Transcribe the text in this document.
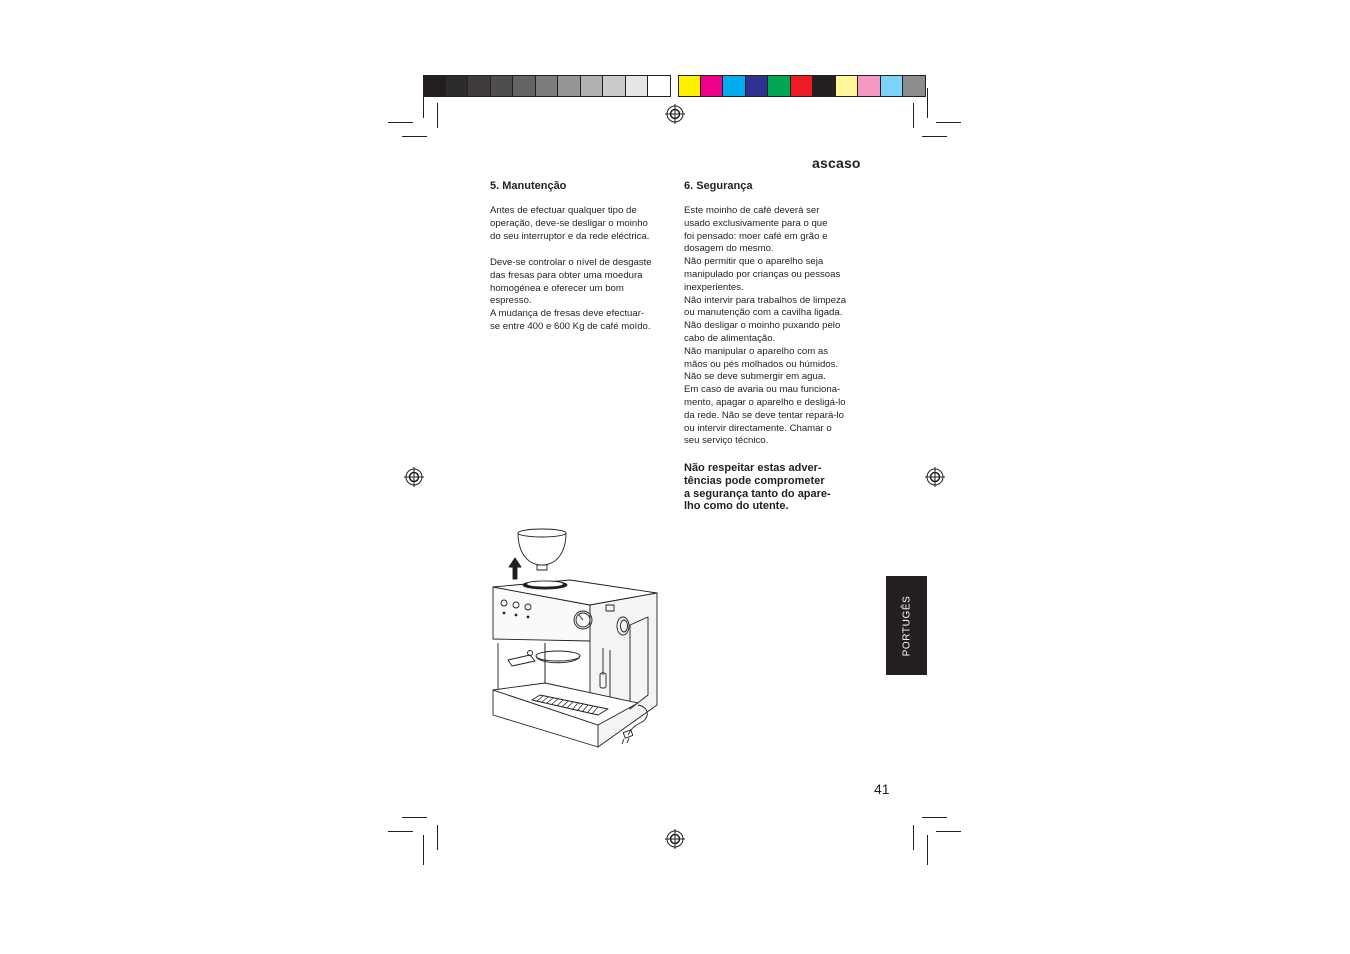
ascaso
5. Manutenção
Antes de efectuar qualquer tipo de
operação, deve-se desligar o moinho
do seu interruptor e da rede eléctrica.
Deve-se controlar o nível de desgaste
das fresas para obter uma moedura
homogénea e oferecer um bom
espresso.
A mudança de fresas deve efectuar-
se entre 400 e 600 Kg de café moído.
6. Segurança
Este moinho de café deverá ser
usado exclusivamente para o que
foi pensado: moer café em grão e
dosagem do mesmo.
Não permitir que o aparelho seja
manipulado por crianças ou pessoas
inexperientes.
Não intervir para trabalhos de limpeza
ou manutenção com a cavilha ligada.
Não desligar o moinho puxando pelo
cabo de alimentação.
Não manipular o aparelho com as
mãos ou pés molhados ou húmidos.
Não se deve submergir em agua.
Em caso de avaria ou mau funciona-
mento, apagar o aparelho e desligá-lo
da rede. Não se deve tentar repará-lo
ou intervir directamente. Chamar o
seu serviço técnico.
Não respeitar estas adver-
tências pode comprometer
a segurança tanto do apare-
lho como do utente.
PORTUGÊS
41
